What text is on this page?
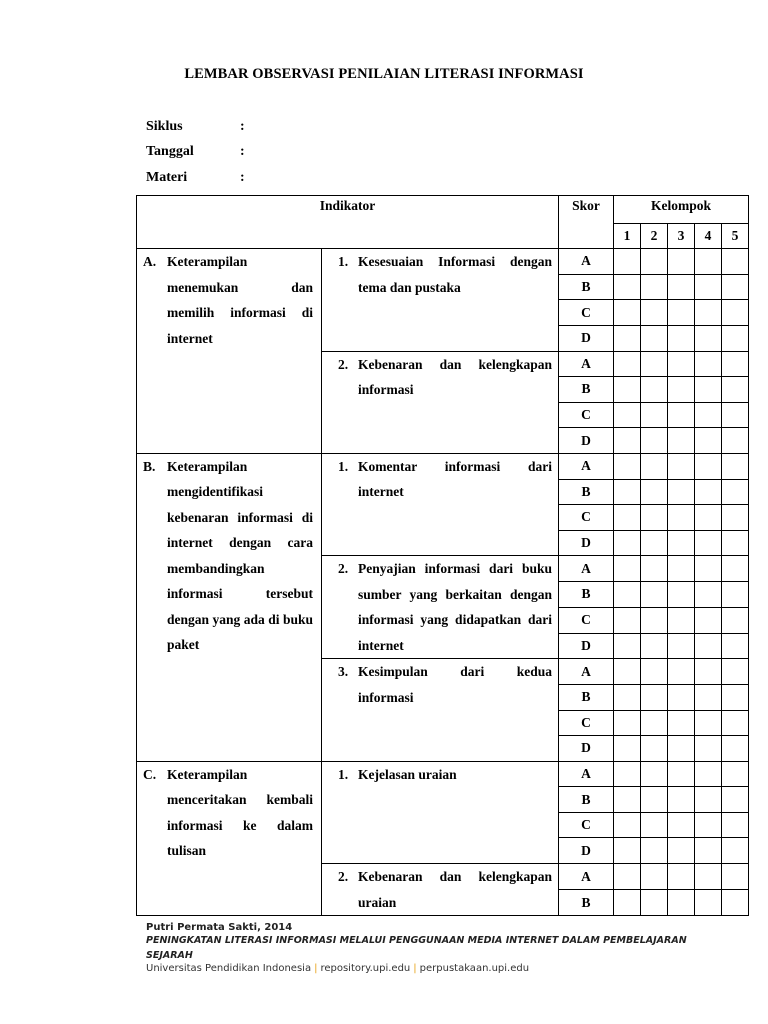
LEMBAR OBSERVASI PENILAIAN LITERASI INFORMASI
Siklus	:
Tanggal	:
Materi	:
Indikator		Skor	Kelompok				
			1	2	3	4	5

A. Keterampilan menemukan dan memilih informasi di internet	1. Kesesuaian Informasi dengan tema dan pustaka	A					
		B					
		C					
		D					

	2. Kebenaran dan kelengkapan informasi	A					
		B					
		C					
		D					

B. Keterampilan mengidentifikasi kebenaran informasi di internet dengan cara membandingkan informasi tersebut dengan yang ada di buku paket	1. Komentar informasi dari internet	A					
		B					
		C					
		D					

	2. Penyajian informasi dari buku sumber yang berkaitan dengan informasi yang didapatkan dari internet	A					
		B					
		C					
		D					

	3. Kesimpulan dari kedua informasi	A					
		B					
		C					
		D					

C. Keterampilan menceritakan kembali informasi ke dalam tulisan	1. Kejelasan uraian	A					
		B					
		C					
		D					

	2. Kebenaran dan kelengkapan uraian	A					
		B					
Putri Permata Sakti, 2014
PENINGKATAN LITERASI INFORMASI MELALUI PENGGUNAAN MEDIA INTERNET DALAM PEMBELAJARAN SEJARAH
Universitas Pendidikan Indonesia | repository.upi.edu | perpustakaan.upi.edu
